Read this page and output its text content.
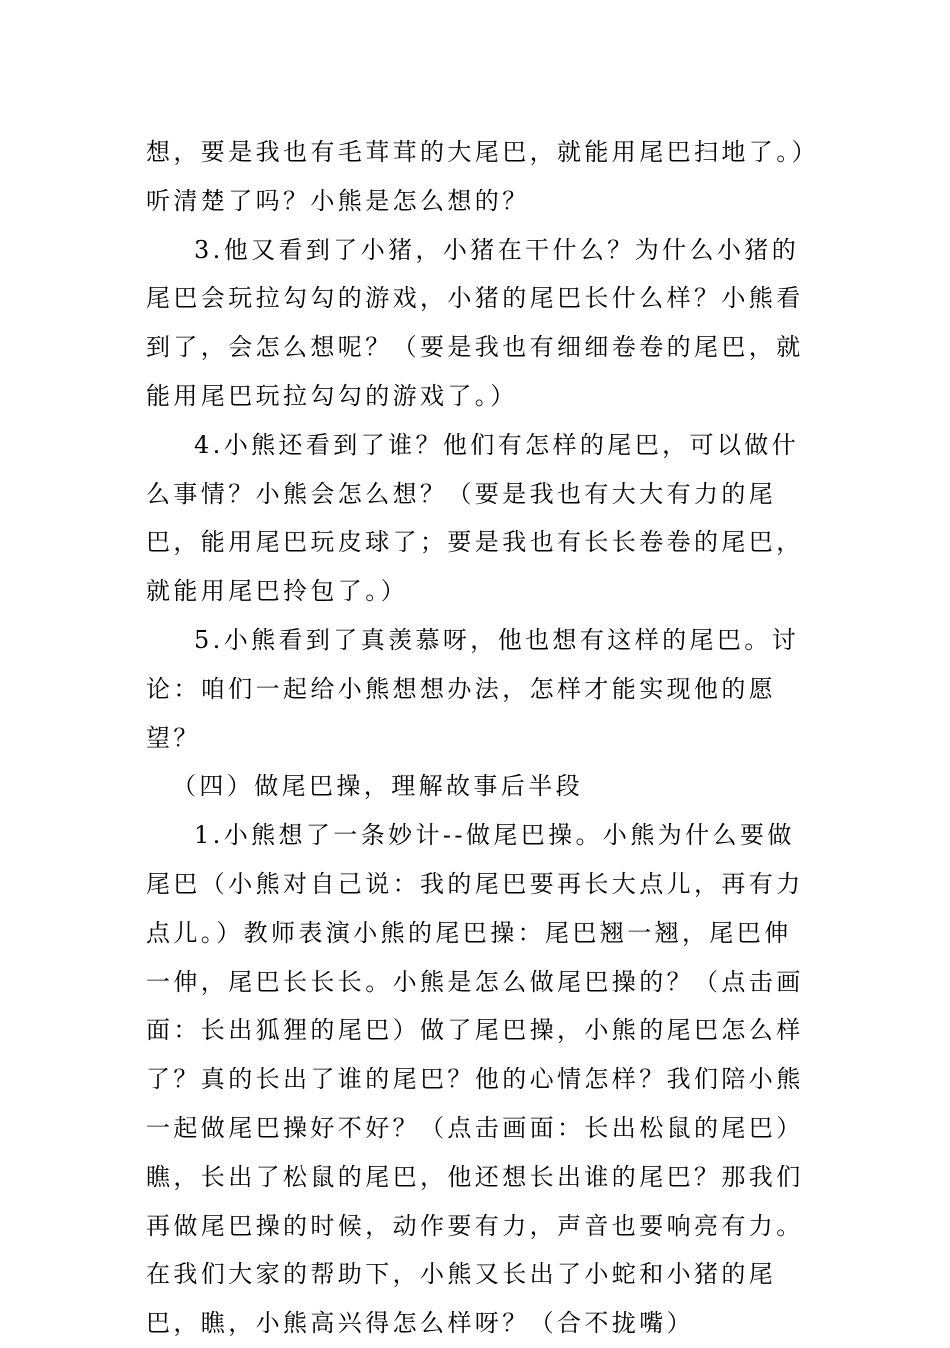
想，要是我也有毛茸茸的大尾巴，就能用尾巴扫地了。）听清楚了吗？小熊是怎么想的？

3.他又看到了小猪，小猪在干什么？为什么小猪的尾巴会玩拉勾勾的游戏，小猪的尾巴长什么样？小熊看到了，会怎么想呢？（要是我也有细细卷卷的尾巴，就能用尾巴玩拉勾勾的游戏了。）

4.小熊还看到了谁？他们有怎样的尾巴，可以做什么事情？小熊会怎么想？（要是我也有大大有力的尾巴，能用尾巴玩皮球了；要是我也有长长卷卷的尾巴，就能用尾巴拎包了。）

5.小熊看到了真羡慕呀，他也想有这样的尾巴。讨论：咱们一起给小熊想想办法，怎样才能实现他的愿望？

（四）做尾巴操，理解故事后半段

1.小熊想了一条妙计--做尾巴操。小熊为什么要做尾巴（小熊对自己说：我的尾巴要再长大点儿，再有力点儿。）教师表演小熊的尾巴操：尾巴翘一翘，尾巴伸一伸，尾巴长长长。小熊是怎么做尾巴操的？（点击画面：长出狐狸的尾巴）做了尾巴操，小熊的尾巴怎么样了？真的长出了谁的尾巴？他的心情怎样？我们陪小熊一起做尾巴操好不好？（点击画面：长出松鼠的尾巴）瞧，长出了松鼠的尾巴，他还想长出谁的尾巴？那我们再做尾巴操的时候，动作要有力，声音也要响亮有力。在我们大家的帮助下，小熊又长出了小蛇和小猪的尾巴，瞧，小熊高兴得怎么样呀？（合不拢嘴）
